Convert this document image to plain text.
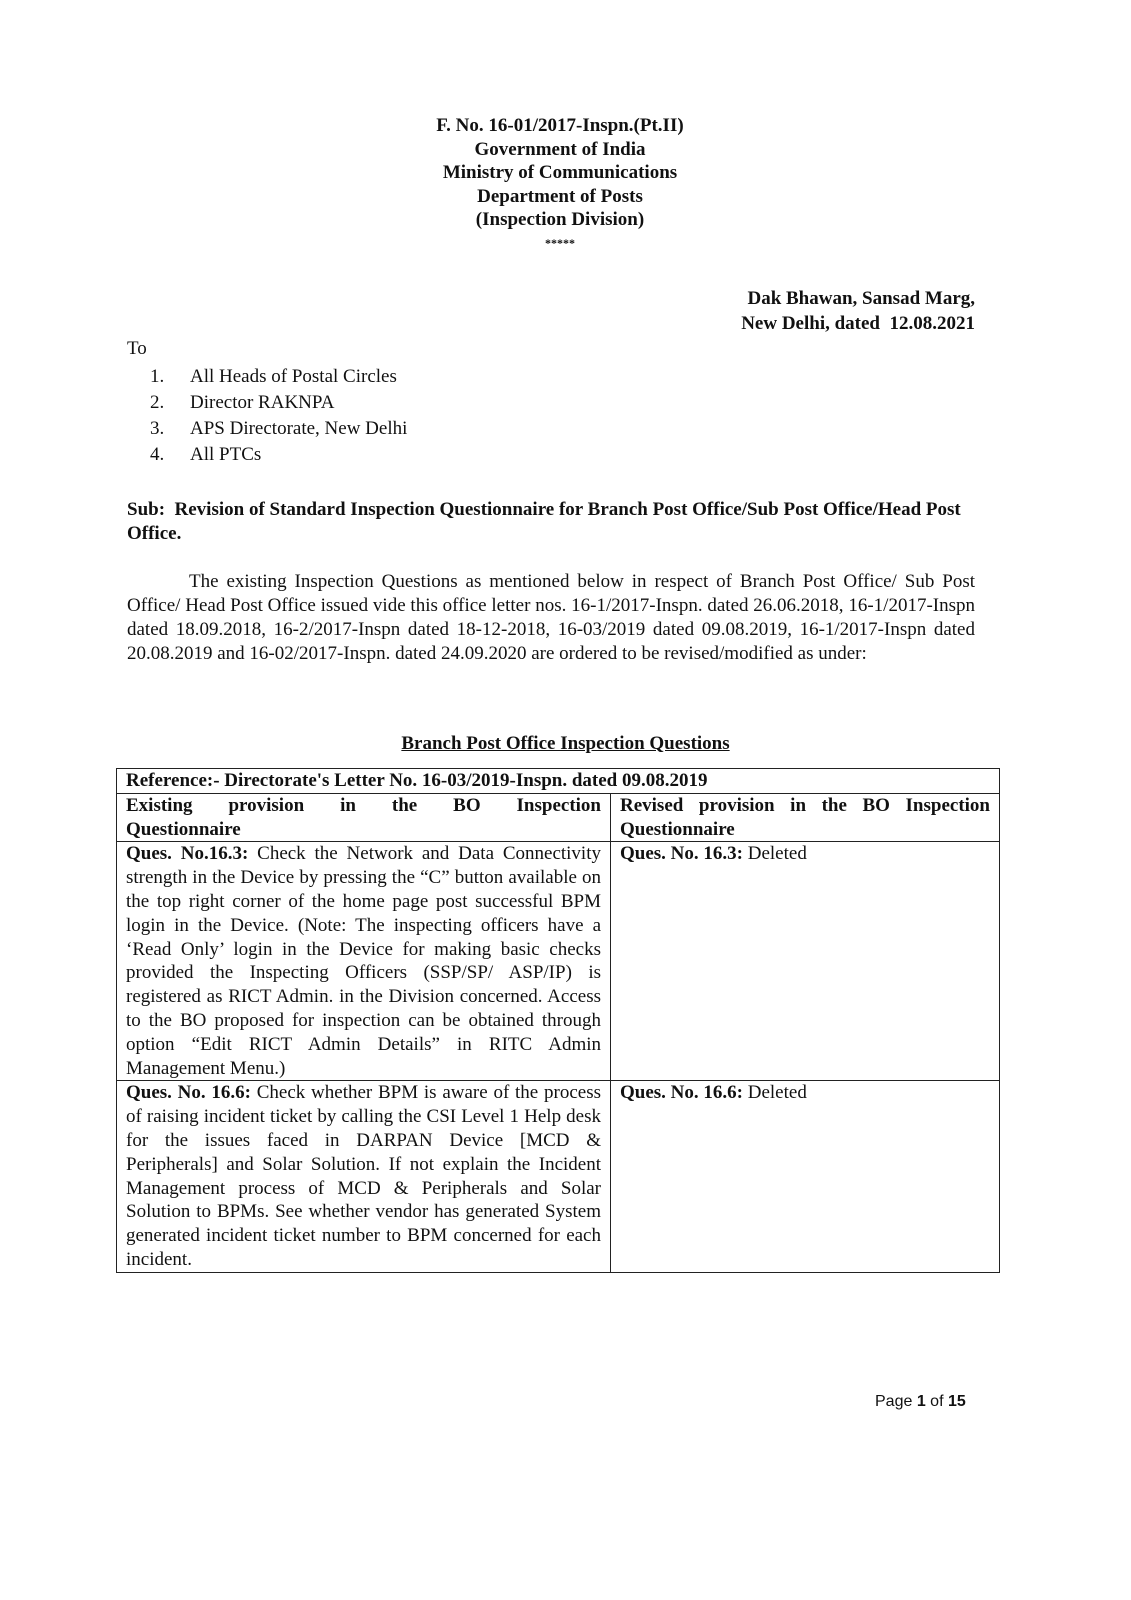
F. No. 16-01/2017-Inspn.(Pt.II)
Government of India
Ministry of Communications
Department of Posts
(Inspection Division)
*****
Dak Bhawan, Sansad Marg,
New Delhi, dated  12.08.2021
To
1. All Heads of Postal Circles
2. Director RAKNPA
3. APS Directorate, New Delhi
4. All PTCs
Sub: Revision of Standard Inspection Questionnaire for Branch Post Office/Sub Post Office/Head Post Office.
The existing Inspection Questions as mentioned below in respect of Branch Post Office/ Sub Post Office/ Head Post Office issued vide this office letter nos. 16-1/2017-Inspn. dated 26.06.2018, 16-1/2017-Inspn dated 18.09.2018, 16-2/2017-Inspn dated 18-12-2018, 16-03/2019 dated 09.08.2019, 16-1/2017-Inspn dated 20.08.2019 and 16-02/2017-Inspn. dated 24.09.2020 are ordered to be revised/modified as under:
Branch Post Office Inspection Questions
Reference:- Directorate's Letter No. 16-03/2019-Inspn. dated 09.08.2019	
Existing provision in the BO Inspection Questionnaire	Revised provision in the BO Inspection Questionnaire
Ques. No.16.3: Check the Network and Data Connectivity strength in the Device by pressing the “C” button available on the top right corner of the home page post successful BPM login in the Device. (Note: The inspecting officers have a ‘Read Only’ login in the Device for making basic checks provided the Inspecting Officers (SSP/SP/ ASP/IP) is registered as RICT Admin. in the Division concerned. Access to the BO proposed for inspection can be obtained through option “Edit RICT Admin Details” in RITC Admin Management Menu.)	Ques. No. 16.3: Deleted
Ques. No. 16.6: Check whether BPM is aware of the process of raising incident ticket by calling the CSI Level 1 Help desk for the issues faced in DARPAN Device [MCD & Peripherals] and Solar Solution. If not explain the Incident Management process of MCD & Peripherals and Solar Solution to BPMs. See whether vendor has generated System generated incident ticket number to BPM concerned for each incident.	Ques. No. 16.6: Deleted
Page 1 of 15
